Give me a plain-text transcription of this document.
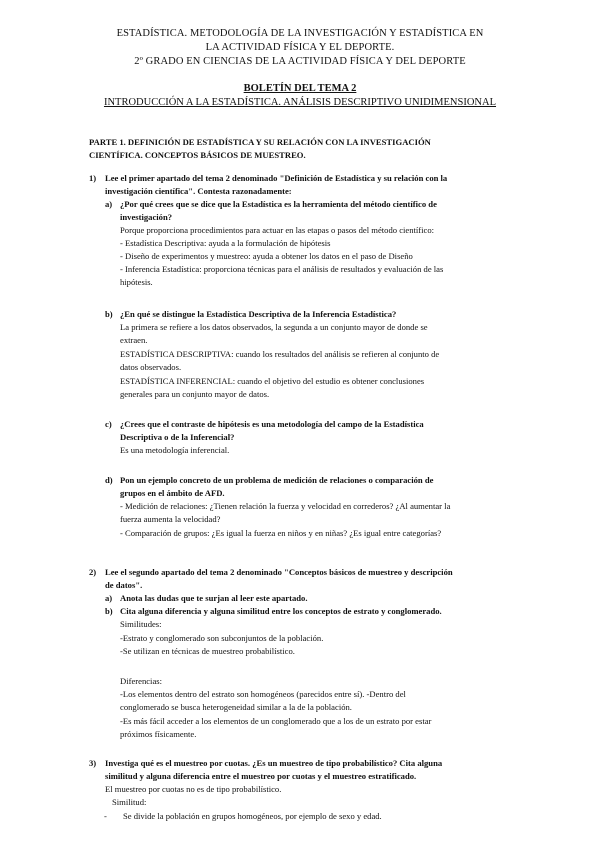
ESTADÍSTICA. METODOLOGÍA DE LA INVESTIGACIÓN Y ESTADÍSTICA EN
LA ACTIVIDAD FÍSICA Y EL DEPORTE.
2º GRADO EN CIENCIAS DE LA ACTIVIDAD FÍSICA Y DEL DEPORTE
BOLETÍN DEL TEMA 2
INTRODUCCIÓN A LA ESTADÍSTICA. ANÁLISIS DESCRIPTIVO UNIDIMENSIONAL
PARTE 1. DEFINICIÓN DE ESTADÍSTICA Y SU RELACIÓN CON LA INVESTIGACIÓN
CIENTÍFICA. CONCEPTOS BÁSICOS DE MUESTREO.
1) Lee el primer apartado del tema 2 denominado "Definición de Estadística y su relación con la
investigación científica". Contesta razonadamente:
a) ¿Por qué crees que se dice que la Estadística es la herramienta del método científico de
investigación?
Porque proporciona procedimientos para actuar en las etapas o pasos del método científico:
- Estadística Descriptiva: ayuda a la formulación de hipótesis
- Diseño de experimentos y muestreo: ayuda a obtener los datos en el paso de Diseño
- Inferencia Estadística: proporciona técnicas para el análisis de resultados y evaluación de las
hipótesis.
b) ¿En qué se distingue la Estadística Descriptiva de la Inferencia Estadística?
La primera se refiere a los datos observados, la segunda a un conjunto mayor de donde se
extraen.
ESTADÍSTICA DESCRIPTIVA: cuando los resultados del análisis se refieren al conjunto de
datos observados.
ESTADÍSTICA INFERENCIAL: cuando el objetivo del estudio es obtener conclusiones
generales para un conjunto mayor de datos.
c) ¿Crees que el contraste de hipótesis es una metodología del campo de la Estadística
Descriptiva o de la Inferencial?
Es una metodología inferencial.
d) Pon un ejemplo concreto de un problema de medición de relaciones o comparación de
grupos en el ámbito de AFD.
- Medición de relaciones: ¿Tienen relación la fuerza y velocidad en correderos? ¿Al aumentar la
fuerza aumenta la velocidad?
- Comparación de grupos: ¿Es igual la fuerza en niños y en niñas? ¿Es igual entre categorías?
2) Lee el segundo apartado del tema 2 denominado "Conceptos básicos de muestreo y descripción
de datos".
a) Anota las dudas que te surjan al leer este apartado.
b) Cita alguna diferencia y alguna similitud entre los conceptos de estrato y conglomerado.
Similitudes:
-Estrato y conglomerado son subconjuntos de la población.
-Se utilizan en técnicas de muestreo probabilístico.
Diferencias:
-Los elementos dentro del estrato son homogéneos (parecidos entre sí). -Dentro del
conglomerado se busca heterogeneidad similar a la de la población.
-Es más fácil acceder a los elementos de un conglomerado que a los de un estrato por estar
próximos físicamente.
3) Investiga qué es el muestreo por cuotas. ¿Es un muestreo de tipo probabilístico? Cita alguna
similitud y alguna diferencia entre el muestreo por cuotas y el muestreo estratificado.
El muestreo por cuotas no es de tipo probabilístico.
Similitud:
- Se divide la población en grupos homogéneos, por ejemplo de sexo y edad.
